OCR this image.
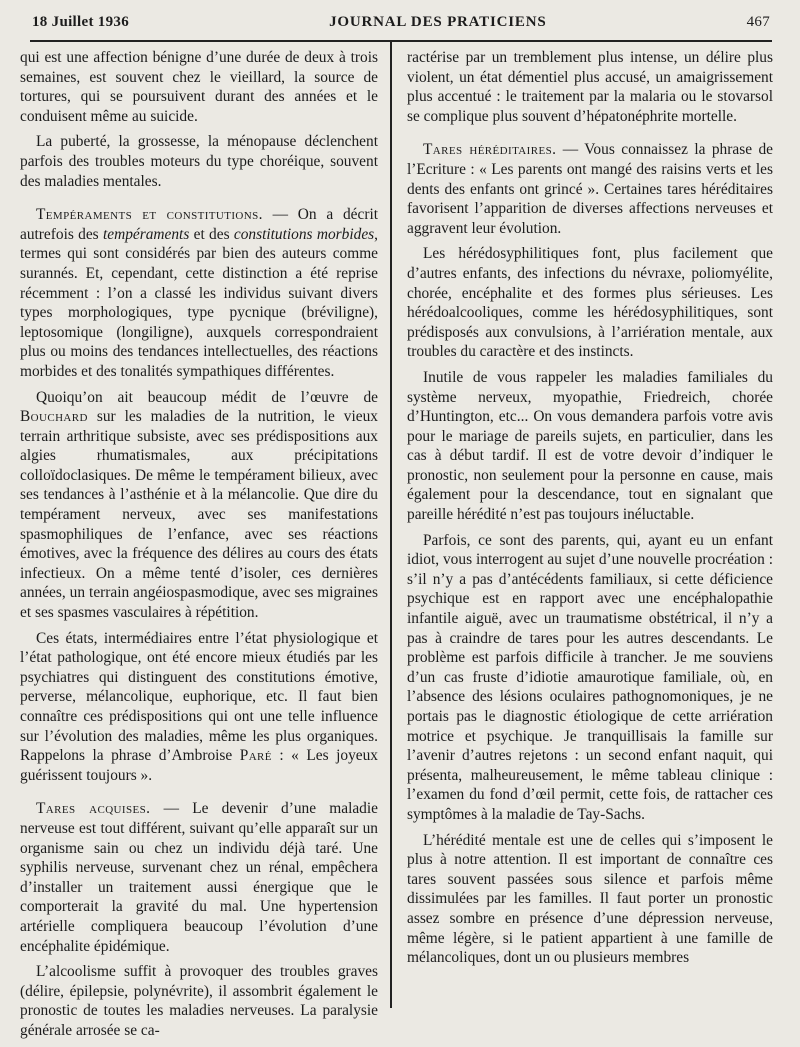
18 Juillet 1936	JOURNAL DES PRATICIENS	467

qui est une affection bénigne d’une durée de deux à trois semaines, est souvent chez le vieillard, la source de tortures, qui se poursuivent durant des années et le conduisent même au suicide.

La puberté, la grossesse, la ménopause déclenchent parfois des troubles moteurs du type choréique, souvent des maladies mentales.

Tempéraments et constitutions. — On a décrit autrefois des tempéraments et des constitutions morbides, termes qui sont considérés par bien des auteurs comme surannés. Et, cependant, cette distinction a été reprise récemment : l’on a classé les individus suivant divers types morphologiques, type pycnique (bréviligne), leptosomique (longiligne), auxquels correspondraient plus ou moins des tendances intellectuelles, des réactions morbides et des tonalités sympathiques différentes.

Quoiqu’on ait beaucoup médit de l’œuvre de Bouchard sur les maladies de la nutrition, le vieux terrain arthritique subsiste, avec ses prédispositions aux algies rhumatismales, aux précipitations colloïdoclasiques. De même le tempérament bilieux, avec ses tendances à l’asthénie et à la mélancolie. Que dire du tempérament nerveux, avec ses manifestations spasmophiliques de l’enfance, avec ses réactions émotives, avec la fréquence des délires au cours des états infectieux. On a même tenté d’isoler, ces dernières années, un terrain angéiospasmodique, avec ses migraines et ses spasmes vasculaires à répétition.

Ces états, intermédiaires entre l’état physiologique et l’état pathologique, ont été encore mieux étudiés par les psychiatres qui distinguent des constitutions émotive, perverse, mélancolique, euphorique, etc. Il faut bien connaître ces prédispositions qui ont une telle influence sur l’évolution des maladies, même les plus organiques. Rappelons la phrase d’Ambroise Paré : « Les joyeux guérissent toujours ».

Tares acquises. — Le devenir d’une maladie nerveuse est tout différent, suivant qu’elle apparaît sur un organisme sain ou chez un individu déjà taré. Une syphilis nerveuse, survenant chez un rénal, empêchera d’installer un traitement aussi énergique que le comporterait la gravité du mal. Une hypertension artérielle compliquera beaucoup l’évolution d’une encéphalite épidémique.

L’alcoolisme suffit à provoquer des troubles graves (délire, épilepsie, polynévrite), il assombrit également le pronostic de toutes les maladies nerveuses. La paralysie générale arrosée se ca-

ractérise par un tremblement plus intense, un délire plus violent, un état démentiel plus accusé, un amaigrissement plus accentué : le traitement par la malaria ou le stovarsol se complique plus souvent d’hépatonéphrite mortelle.

Tares héréditaires. — Vous connaissez la phrase de l’Ecriture : « Les parents ont mangé des raisins verts et les dents des enfants ont grincé ». Certaines tares héréditaires favorisent l’apparition de diverses affections nerveuses et aggravent leur évolution.

Les hérédosyphilitiques font, plus facilement que d’autres enfants, des infections du névraxe, poliomyélite, chorée, encéphalite et des formes plus sérieuses. Les hérédoalcooliques, comme les hérédosyphilitiques, sont prédisposés aux convulsions, à l’arriération mentale, aux troubles du caractère et des instincts.

Inutile de vous rappeler les maladies familiales du système nerveux, myopathie, Friedreich, chorée d’Huntington, etc... On vous demandera parfois votre avis pour le mariage de pareils sujets, en particulier, dans les cas à début tardif. Il est de votre devoir d’indiquer le pronostic, non seulement pour la personne en cause, mais également pour la descendance, tout en signalant que pareille hérédité n’est pas toujours inéluctable.

Parfois, ce sont des parents, qui, ayant eu un enfant idiot, vous interrogent au sujet d’une nouvelle procréation : s’il n’y a pas d’antécédents familiaux, si cette déficience psychique est en rapport avec une encéphalopathie infantile aiguë, avec un traumatisme obstétrical, il n’y a pas à craindre de tares pour les autres descendants. Le problème est parfois difficile à trancher. Je me souviens d’un cas fruste d’idiotie amaurotique familiale, où, en l’absence des lésions oculaires pathognomoniques, je ne portais pas le diagnostic étiologique de cette arriération motrice et psychique. Je tranquillisais la famille sur l’avenir d’autres rejetons : un second enfant naquit, qui présenta, malheureusement, le même tableau clinique : l’examen du fond d’œil permit, cette fois, de rattacher ces symptômes à la maladie de Tay-Sachs.

L’hérédité mentale est une de celles qui s’imposent le plus à notre attention. Il est important de connaître ces tares souvent passées sous silence et parfois même dissimulées par les familles. Il faut porter un pronostic assez sombre en présence d’une dépression nerveuse, même légère, si le patient appartient à une famille de mélancoliques, dont un ou plusieurs membres
